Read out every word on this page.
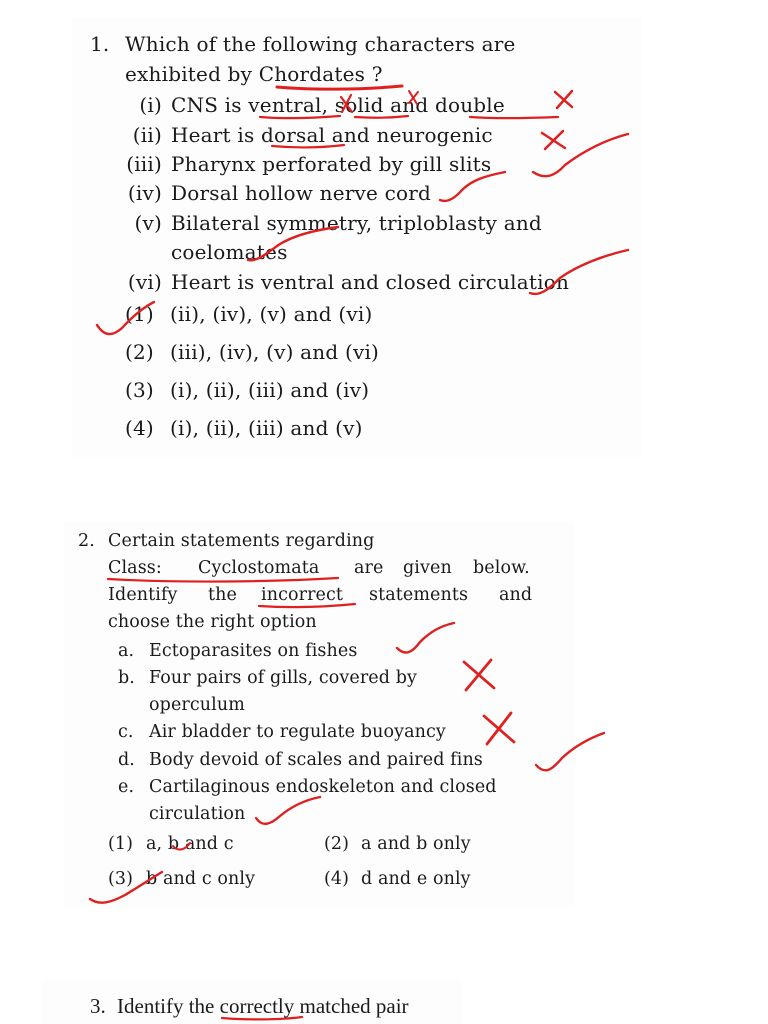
1. Which of the following characters are
exhibited by Chordates ?
(i) CNS is ventral, solid and double
(ii) Heart is dorsal and neurogenic
(iii) Pharynx perforated by gill slits
(iv) Dorsal hollow nerve cord
(v) Bilateral symmetry, triploblasty and
coelomates
(vi) Heart is ventral and closed circulation
(1) (ii), (iv), (v) and (vi)
(2) (iii), (iv), (v) and (vi)
(3) (i), (ii), (iii) and (iv)
(4) (i), (ii), (iii) and (v)
2. Certain statements regarding
Class: Cyclostomata are given below.
Identify the incorrect statements and
choose the right option
a. Ectoparasites on fishes
b. Four pairs of gills, covered by
operculum
c. Air bladder to regulate buoyancy
d. Body devoid of scales and paired fins
e. Cartilaginous endoskeleton and closed
circulation
(1) a, b and c	(2) a and b only
(3) b and c only	(4) d and e only
3. Identify the correctly matched pair
